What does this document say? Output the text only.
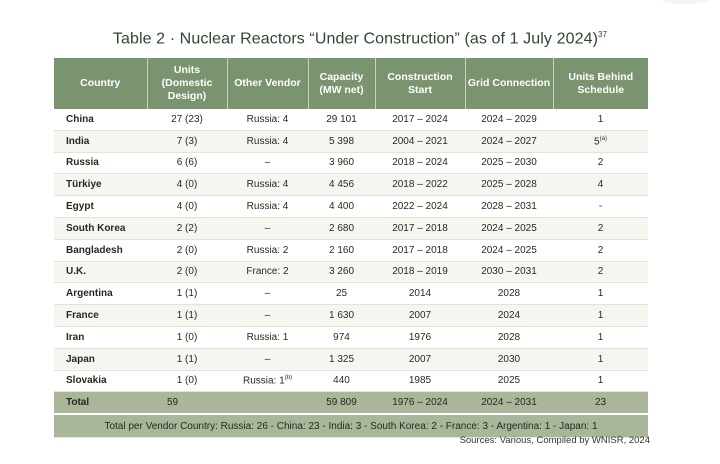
Table 2 · Nuclear Reactors “Under Construction” (as of 1 July 2024)$^{37}$
Country	Units (Domestic Design)	Other Vendor	Capacity (MW net)	Construction Start	Grid Connection	Units Behind Schedule
China	27 (23)	Russia: 4	29 101	2017 – 2024	2024 – 2029	1
India	7 (3)	Russia: 4	5 398	2004 – 2021	2024 – 2027	5$^{(a)}$
Russia	6 (6)	–	3 960	2018 – 2024	2025 – 2030	2
Türkiye	4 (0)	Russia: 4	4 456	2018 – 2022	2025 – 2028	4
Egypt	4 (0)	Russia: 4	4 400	2022 – 2024	2028 – 2031	-
South Korea	2 (2)	–	2 680	2017 – 2018	2024 – 2025	2
Bangladesh	2 (0)	Russia: 2	2 160	2017 – 2018	2024 – 2025	2
U.K.	2 (0)	France: 2	3 260	2018 – 2019	2030 – 2031	2
Argentina	1 (1)	–	25	2014	2028	1
France	1 (1)	–	1 630	2007	2024	1
Iran	1 (0)	Russia: 1	974	1976	2028	1
Japan	1 (1)	–	1 325	2007	2030	1
Slovakia	1 (0)	Russia: 1$^{(b)}$	440	1985	2025	1
Total	59		59 809	1976 – 2024	2024 – 2031	23
Total per Vendor Country: Russia: 26 - China: 23 - India: 3 - South Korea: 2 - France: 3 - Argentina: 1 - Japan: 1						
Sources: Various, Compiled by WNISR, 2024
